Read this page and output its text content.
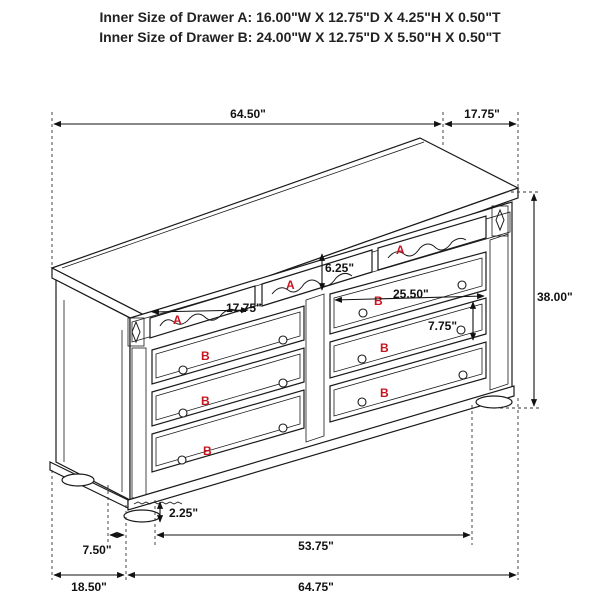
Inner Size of Drawer A: 16.00"W X 12.75"D X 4.25"H X 0.50"T
Inner Size of Drawer B: 24.00"W X 12.75"D X 5.50"H X 0.50"T
A
A
A
B
B
B
B
B
B
64.50"	17.75"
38.00"
6.25"
17.75"
25.50"
7.75"
2.25"
7.50"	53.75"
18.50"	64.75"
